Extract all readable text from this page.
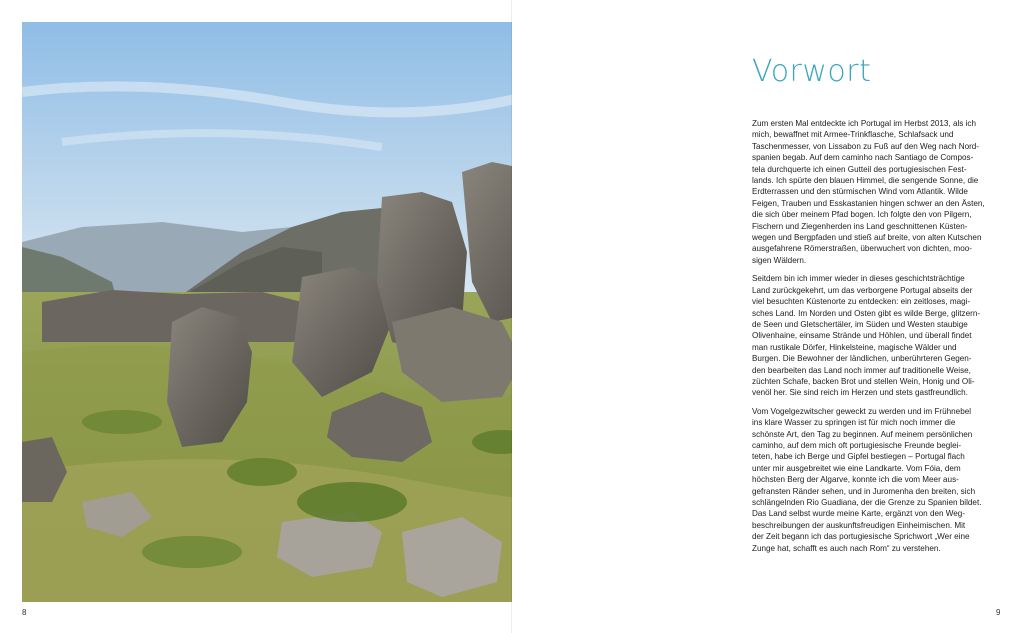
8
Vorwort

Zum ersten Mal entdeckte ich Portugal im Herbst 2013, als ich
mich, bewaffnet mit Armee-Trinkflasche, Schlafsack und
Taschenmesser, von Lissabon zu Fuß auf den Weg nach Nord-
spanien begab. Auf dem caminho nach Santiago de Compos-
tela durchquerte ich einen Gutteil des portugiesischen Fest-
lands. Ich spürte den blauen Himmel, die sengende Sonne, die
Erdterrassen und den stürmischen Wind vom Atlantik. Wilde
Feigen, Trauben und Esskastanien hingen schwer an den Ästen,
die sich über meinem Pfad bogen. Ich folgte den von Pilgern,
Fischern und Ziegenherden ins Land geschnittenen Küsten-
wegen und Bergpfaden und stieß auf breite, von alten Kutschen
ausgefahrene Römerstraßen, überwuchert von dichten, moo-
sigen Wäldern.

Seitdem bin ich immer wieder in dieses geschichtsträchtige
Land zurückgekehrt, um das verborgene Portugal abseits der
viel besuchten Küstenorte zu entdecken: ein zeitloses, magi-
sches Land. Im Norden und Osten gibt es wilde Berge, glitzern-
de Seen und Gletschertäler, im Süden und Westen staubige
Olivenhaine, einsame Strände und Höhlen, und überall findet
man rustikale Dörfer, Hinkelsteine, magische Wälder und
Burgen. Die Bewohner der ländlichen, unberührteren Gegen-
den bearbeiten das Land noch immer auf traditionelle Weise,
züchten Schafe, backen Brot und stellen Wein, Honig und Oli-
venöl her. Sie sind reich im Herzen und stets gastfreundlich.

Vom Vogelgezwitscher geweckt zu werden und im Frühnebel
ins klare Wasser zu springen ist für mich noch immer die
schönste Art, den Tag zu beginnen. Auf meinem persönlichen
caminho, auf dem mich oft portugiesische Freunde beglei-
teten, habe ich Berge und Gipfel bestiegen – Portugal flach
unter mir ausgebreitet wie eine Landkarte. Vom Fóia, dem
höchsten Berg der Algarve, konnte ich die vom Meer aus-
gefransten Ränder sehen, und in Juromenha den breiten, sich
schlängelnden Rio Guadiana, der die Grenze zu Spanien bildet.
Das Land selbst wurde meine Karte, ergänzt von den Weg-
beschreibungen der auskunftsfreudigen Einheimischen. Mit
der Zeit begann ich das portugiesische Sprichwort „Wer eine
Zunge hat, schafft es auch nach Rom“ zu verstehen.

9
